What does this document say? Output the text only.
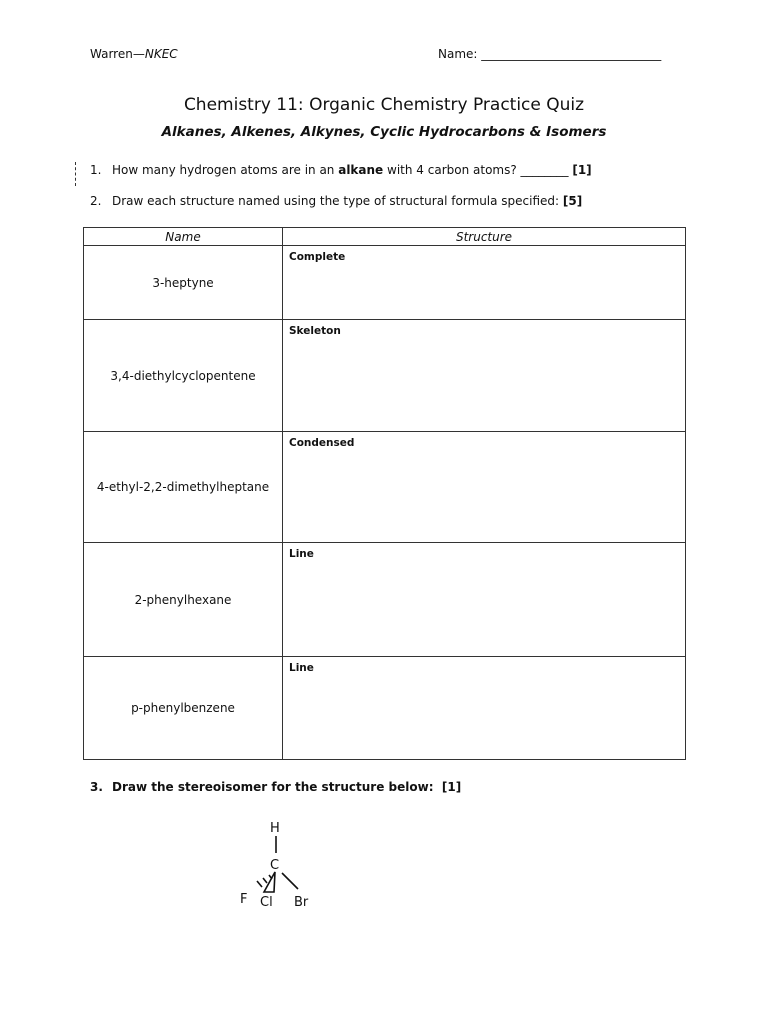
Warren—NKEC	Name: ______________________________
Chemistry 11: Organic Chemistry Practice Quiz
Alkanes, Alkenes, Alkynes, Cyclic Hydrocarbons & Isomers
1. How many hydrogen atoms are in an alkane with 4 carbon atoms? ________ [1]
2. Draw each structure named using the type of structural formula specified: [5]
Name	Structure
3-heptyne	Complete
3,4-diethylcyclopentene	Skeleton
4-ethyl-2,2-dimethylheptane	Condensed
2-phenylhexane	Line
p-phenylbenzene	Line
3. Draw the stereoisomer for the structure below: [1]
H
C
F Cl Br
